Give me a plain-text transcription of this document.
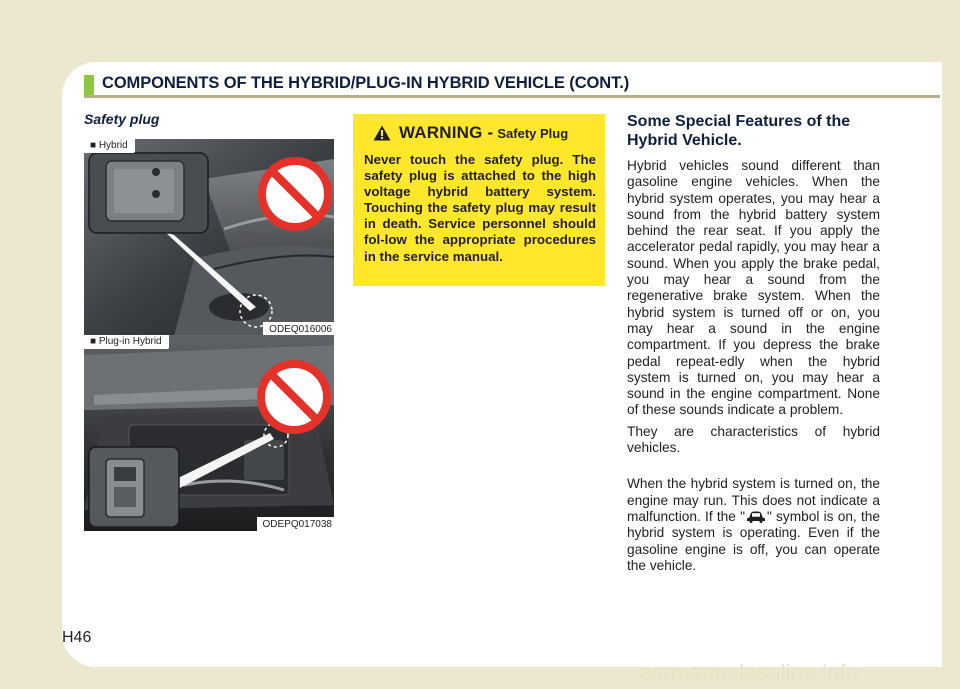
COMPONENTS OF THE HYBRID/PLUG-IN HYBRID VEHICLE (CONT.)
Safety plug
■ Hybrid
ODEQ016006
■ Plug-in Hybrid
ODEPQ017038
WARNING - Safety Plug
Never touch the safety plug. The safety plug is attached to the high voltage hybrid battery system. Touching the safety plug may result in death. Service personnel should fol-low the appropriate procedures in the service manual.
Some Special Features of the Hybrid Vehicle.

Hybrid vehicles sound different than gasoline engine vehicles. When the hybrid system operates, you may hear a sound from the hybrid battery system behind the rear seat. If you apply the accelerator pedal rapidly, you may hear a sound. When you apply the brake pedal, you may hear a sound from the regenerative brake system. When the hybrid system is turned off or on, you may hear a sound in the engine compartment. If you depress the brake pedal repeat-edly when the hybrid system is turned on, you may hear a sound in the engine compartment. None of these sounds indicate a problem.

They are characteristics of hybrid vehicles.

When the hybrid system is turned on, the engine may run. This does not indicate a malfunction. If the " " symbol is on, the hybrid system is operating. Even if the gasoline engine is off, you can operate the vehicle.

H46
carmanualsonline.info
